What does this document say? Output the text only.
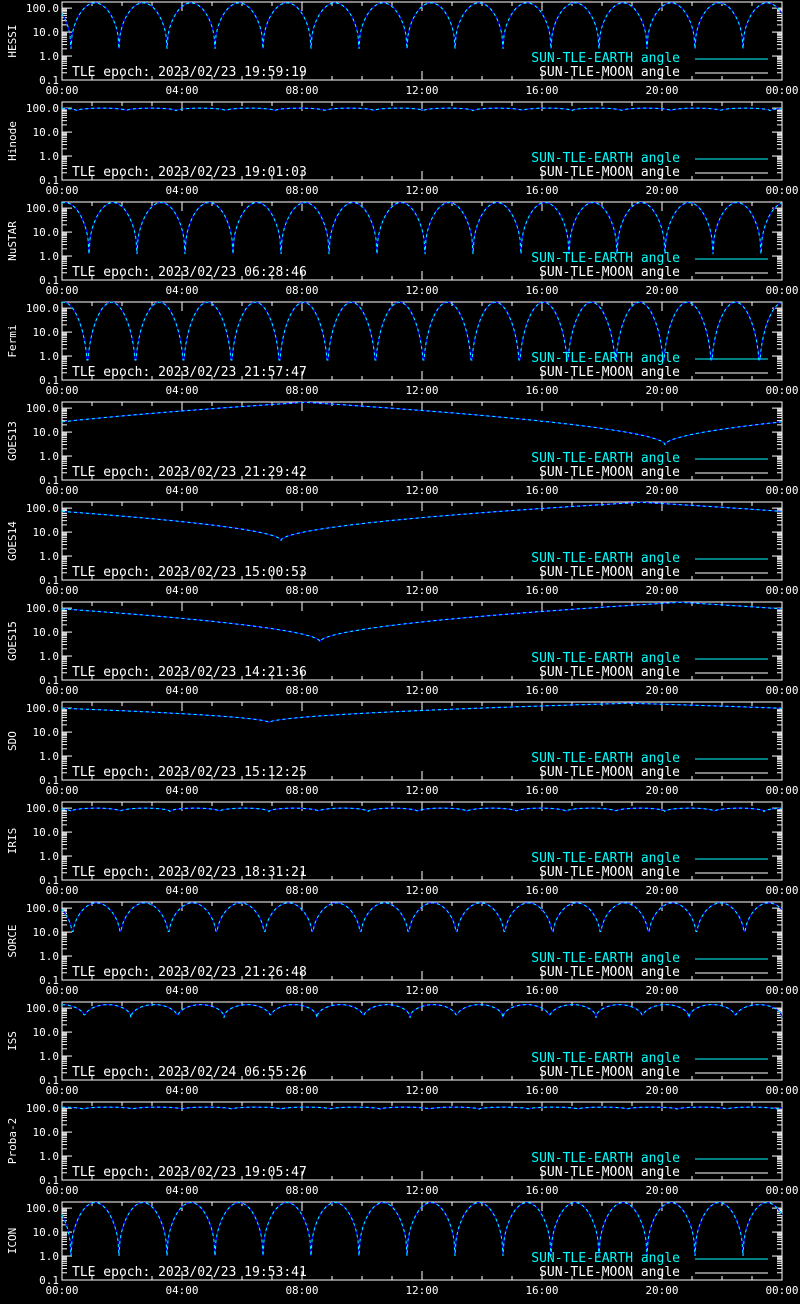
100.0
10.0
1.0
0.1
00:00	04:00	08:00	12:00	16:00	20:00	00:00
HESSI
TLE epoch: 2023/02/23 19:59:19
SUN-TLE-EARTH angle
SUN-TLE-MOON angle
100.0
10.0
1.0
0.1
00:00	04:00	08:00	12:00	16:00	20:00	00:00
Hinode
TLE epoch: 2023/02/23 19:01:03
SUN-TLE-EARTH angle
SUN-TLE-MOON angle
100.0
10.0
1.0
0.1
00:00	04:00	08:00	12:00	16:00	20:00	00:00
NuSTAR
TLE epoch: 2023/02/23 06:28:46
SUN-TLE-EARTH angle
SUN-TLE-MOON angle
100.0
10.0
1.0
0.1
00:00	04:00	08:00	12:00	16:00	20:00	00:00
Fermi
TLE epoch: 2023/02/23 21:57:47
SUN-TLE-EARTH angle
SUN-TLE-MOON angle
100.0
10.0
1.0
0.1
00:00	04:00	08:00	12:00	16:00	20:00	00:00
GOES13
TLE epoch: 2023/02/23 21:29:42
SUN-TLE-EARTH angle
SUN-TLE-MOON angle
100.0
10.0
1.0
0.1
00:00	04:00	08:00	12:00	16:00	20:00	00:00
GOES14
TLE epoch: 2023/02/23 15:00:53
SUN-TLE-EARTH angle
SUN-TLE-MOON angle
100.0
10.0
1.0
0.1
00:00	04:00	08:00	12:00	16:00	20:00	00:00
GOES15
TLE epoch: 2023/02/23 14:21:36
SUN-TLE-EARTH angle
SUN-TLE-MOON angle
100.0
10.0
1.0
0.1
00:00	04:00	08:00	12:00	16:00	20:00	00:00
SDO
TLE epoch: 2023/02/23 15:12:25
SUN-TLE-EARTH angle
SUN-TLE-MOON angle
100.0
10.0
1.0
0.1
00:00	04:00	08:00	12:00	16:00	20:00	00:00
IRIS
TLE epoch: 2023/02/23 18:31:21
SUN-TLE-EARTH angle
SUN-TLE-MOON angle
100.0
10.0
1.0
0.1
00:00	04:00	08:00	12:00	16:00	20:00	00:00
SORCE
TLE epoch: 2023/02/23 21:26:48
SUN-TLE-EARTH angle
SUN-TLE-MOON angle
100.0
10.0
1.0
0.1
00:00	04:00	08:00	12:00	16:00	20:00	00:00
ISS
TLE epoch: 2023/02/24 06:55:26
SUN-TLE-EARTH angle
SUN-TLE-MOON angle
100.0
10.0
1.0
0.1
00:00	04:00	08:00	12:00	16:00	20:00	00:00
Proba-2
TLE epoch: 2023/02/23 19:05:47
SUN-TLE-EARTH angle
SUN-TLE-MOON angle
100.0
10.0
1.0
0.1
00:00	04:00	08:00	12:00	16:00	20:00	00:00
ICON
TLE epoch: 2023/02/23 19:53:41
SUN-TLE-EARTH angle
SUN-TLE-MOON angle
